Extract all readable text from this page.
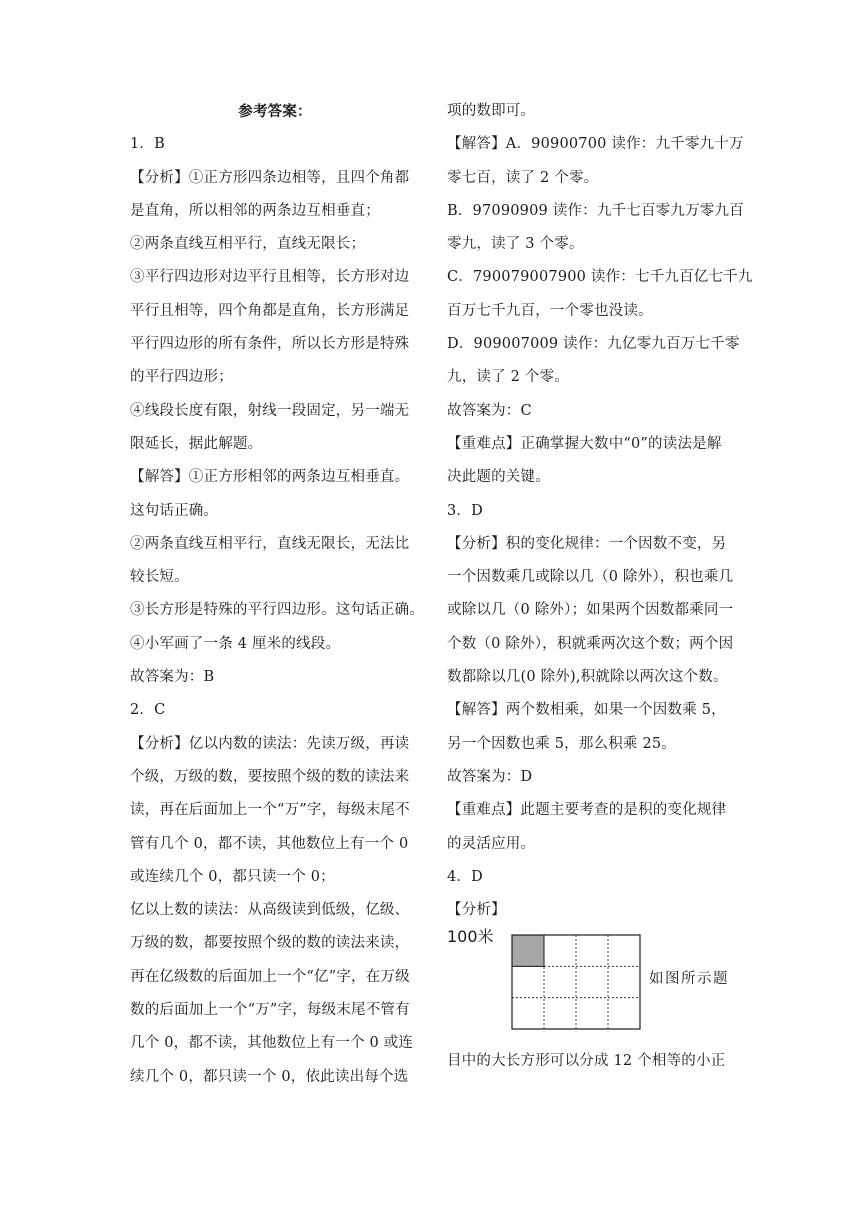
参考答案：
1．B
【分析】①正方形四条边相等，且四个角都
是直角，所以相邻的两条边互相垂直；
②两条直线互相平行，直线无限长；
③平行四边形对边平行且相等，长方形对边
平行且相等，四个角都是直角，长方形满足
平行四边形的所有条件，所以长方形是特殊
的平行四边形；
④线段长度有限，射线一段固定，另一端无
限延长，据此解题。
【解答】①正方形相邻的两条边互相垂直。
这句话正确。
②两条直线互相平行，直线无限长，无法比
较长短。
③长方形是特殊的平行四边形。这句话正确。
④小军画了一条 4 厘米的线段。
故答案为：B
2．C
【分析】亿以内数的读法：先读万级，再读
个级，万级的数，要按照个级的数的读法来
读，再在后面加上一个“万”字，每级末尾不
管有几个 0，都不读，其他数位上有一个 0
或连续几个 0，都只读一个 0；
亿以上数的读法：从高级读到低级，亿级、
万级的数，都要按照个级的数的读法来读，
再在亿级数的后面加上一个“亿”字，在万级
数的后面加上一个“万”字，每级末尾不管有
几个 0，都不读，其他数位上有一个 0 或连
续几个 0，都只读一个 0，依此读出每个选
项的数即可。
【解答】A．90900700 读作：九千零九十万
零七百，读了 2 个零。
B．97090909 读作：九千七百零九万零九百
零九，读了 3 个零。
C．790079007900 读作：七千九百亿七千九
百万七千九百，一个零也没读。
D．909007009 读作：九亿零九百万七千零
九，读了 2 个零。
故答案为：C
【重难点】正确掌握大数中“0”的读法是解
决此题的关键。
3．D
【分析】积的变化规律：一个因数不变，另
一个因数乘几或除以几（0 除外），积也乘几
或除以几（0 除外）；如果两个因数都乘同一
个数（0 除外），积就乘两次这个数；两个因
数都除以几(0 除外),积就除以两次这个数。
【解答】两个数相乘，如果一个因数乘 5，
另一个因数也乘 5，那么积乘 25。
故答案为：D
【重难点】此题主要考查的是积的变化规律
的灵活应用。
4．D
【分析】
100米
如图所示题
目中的大长方形可以分成 12 个相等的小正
